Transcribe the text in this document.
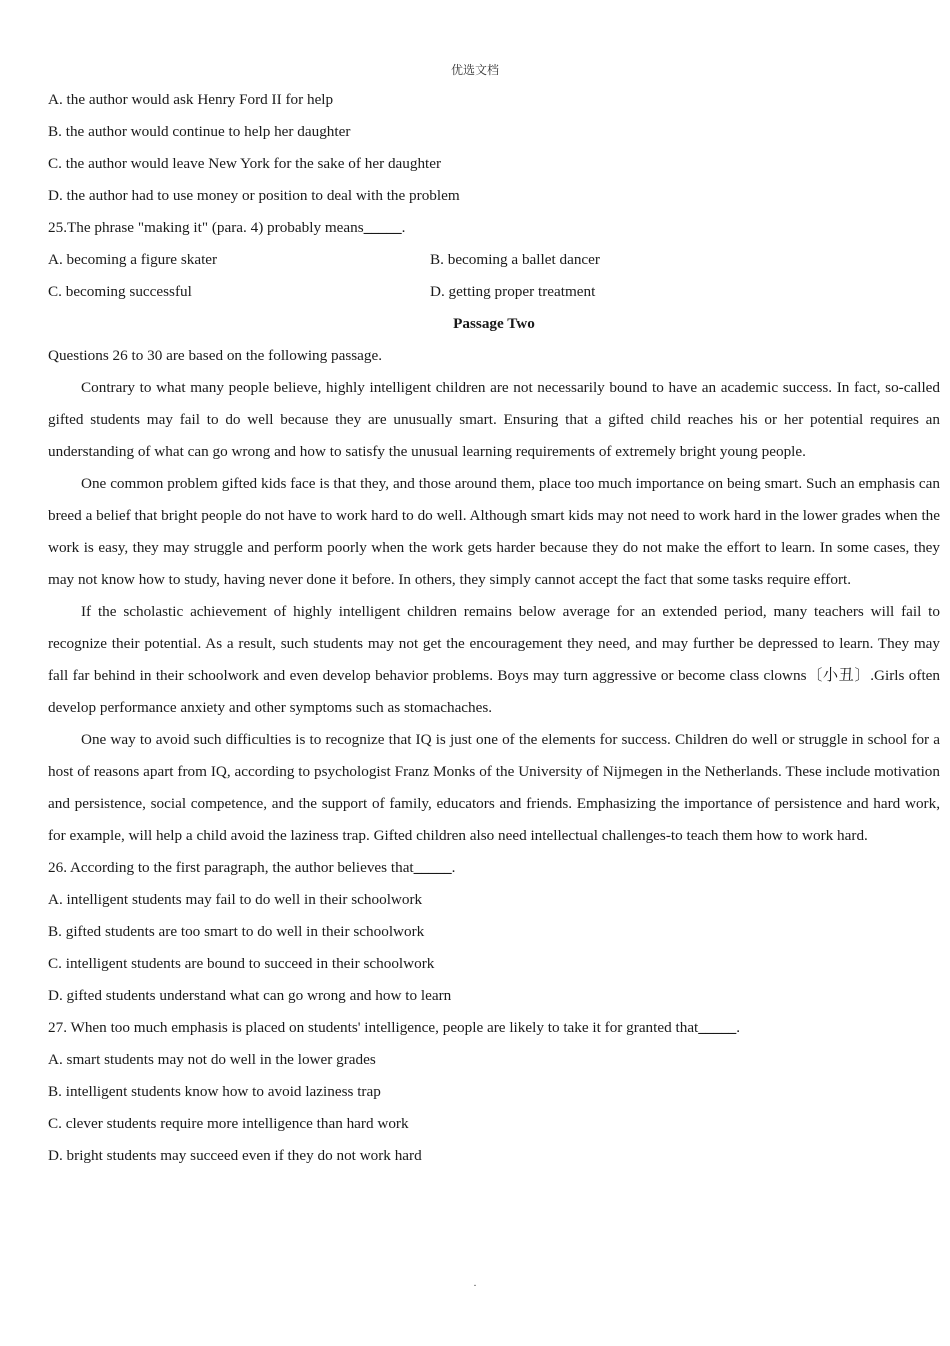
优选文档
A. the author would ask Henry Ford II for help
B. the author would continue to help her daughter
C. the author would leave New York for the sake of her daughter
D. the author had to use money or position to deal with the problem
25.The phrase "making it" (para. 4) probably means_____.
A. becoming a figure skater	B. becoming a ballet dancer
C. becoming successful	D. getting proper treatment
Passage Two
Questions 26 to 30 are based on the following passage.

Contrary to what many people believe, highly intelligent children are not necessarily bound to have an academic success. In fact, so-called gifted students may fail to do well because they are unusually smart. Ensuring that a gifted child reaches his or her potential requires an understanding of what can go wrong and how to satisfy the unusual learning requirements of extremely bright young people.

One common problem gifted kids face is that they, and those around them, place too much importance on being smart. Such an emphasis can breed a belief that bright people do not have to work hard to do well. Although smart kids may not need to work hard in the lower grades when the work is easy, they may struggle and perform poorly when the work gets harder because they do not make the effort to learn. In some cases, they may not know how to study, having never done it before. In others, they simply cannot accept the fact that some tasks require effort.

If the scholastic achievement of highly intelligent children remains below average for an extended period, many teachers will fail to recognize their potential. As a result, such students may not get the encouragement they need, and may further be depressed to learn. They may fall far behind in their schoolwork and even develop behavior problems. Boys may turn aggressive or become class clowns〔小丑〕.Girls often develop performance anxiety and other symptoms such as stomachaches.

One way to avoid such difficulties is to recognize that IQ is just one of the elements for success. Children do well or struggle in school for a host of reasons apart from IQ, according to psychologist Franz Monks of the University of Nijmegen in the Netherlands. These include motivation and persistence, social competence, and the support of family, educators and friends. Emphasizing the importance of persistence and hard work, for example, will help a child avoid the laziness trap. Gifted children also need intellectual challenges-to teach them how to work hard.

26. According to the first paragraph, the author believes that_____.
A. intelligent students may fail to do well in their schoolwork
B. gifted students are too smart to do well in their schoolwork
C. intelligent students are bound to succeed in their schoolwork
D. gifted students understand what can go wrong and how to learn
27. When too much emphasis is placed on students' intelligence, people are likely to take it for granted that_____.
A. smart students may not do well in the lower grades
B. intelligent students know how to avoid laziness trap
C. clever students require more intelligence than hard work
D. bright students may succeed even if they do not work hard
.
